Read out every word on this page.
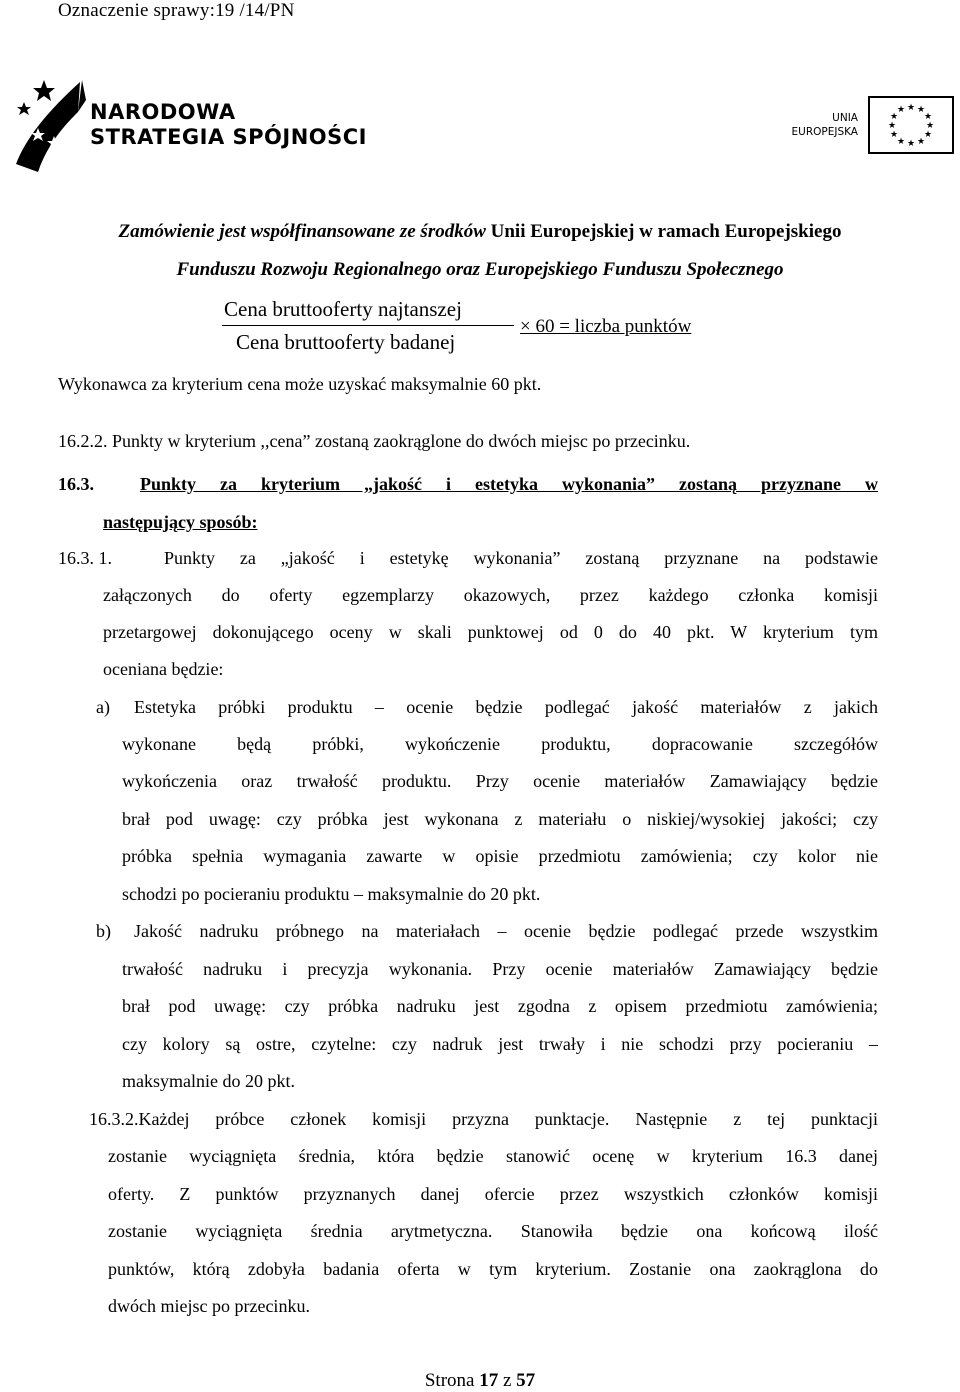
Oznaczenie sprawy:19 /14/PN
NARODOWA
STRATEGIA SPÓJNOŚCI
UNIA
EUROPEJSKA
★ ★
★
★
★
★
★
★
★
★
★
★
Zamówienie jest współfinansowane ze środków Unii Europejskiej w ramach Europejskiego
Funduszu Rozwoju Regionalnego oraz Europejskiego Funduszu Społecznego
Cena bruttooferty najtanszej
Cena bruttooferty badanej
× 60 = liczba punktów
Wykonawca za kryterium cena może uzyskać maksymalnie 60 pkt.
16.2.2. Punkty w kryterium ,,cena” zostaną zaokrąglone do dwóch miejsc po przecinku.
16.3.	Punkty za kryterium „jakość i estetyka wykonania” zostaną przyznane w
następujący sposób:
16.3. 1.	Punkty za „jakość i estetykę wykonania” zostaną przyznane na podstawie
załączonych do oferty egzemplarzy okazowych, przez każdego członka komisji
przetargowej dokonującego oceny w skali punktowej od 0 do 40 pkt. W kryterium tym
oceniana będzie:
a) Estetyka próbki produktu – ocenie będzie podlegać jakość materiałów z jakich
wykonane będą próbki, wykończenie produktu, dopracowanie szczegółów
wykończenia oraz trwałość produktu. Przy ocenie materiałów Zamawiający będzie
brał pod uwagę: czy próbka jest wykonana z materiału o niskiej/wysokiej jakości; czy
próbka spełnia wymagania zawarte w opisie przedmiotu zamówienia; czy kolor nie
schodzi po pocieraniu produktu – maksymalnie do 20 pkt.
b) Jakość nadruku próbnego na materiałach – ocenie będzie podlegać przede wszystkim
trwałość nadruku i precyzja wykonania. Przy ocenie materiałów Zamawiający będzie
brał pod uwagę: czy próbka nadruku jest zgodna z opisem przedmiotu zamówienia;
czy kolory są ostre, czytelne: czy nadruk jest trwały i nie schodzi przy pocieraniu –
maksymalnie do 20 pkt.
16.3.2.Każdej próbce członek komisji przyzna punktacje. Następnie z tej punktacji
zostanie wyciągnięta średnia, która będzie stanowić ocenę w kryterium 16.3 danej
oferty. Z punktów przyznanych danej ofercie przez wszystkich członków komisji
zostanie wyciągnięta średnia arytmetyczna. Stanowiła będzie ona końcową ilość
punktów, którą zdobyła badania oferta w tym kryterium. Zostanie ona zaokrąglona do
dwóch miejsc po przecinku.
Strona 17 z 57
